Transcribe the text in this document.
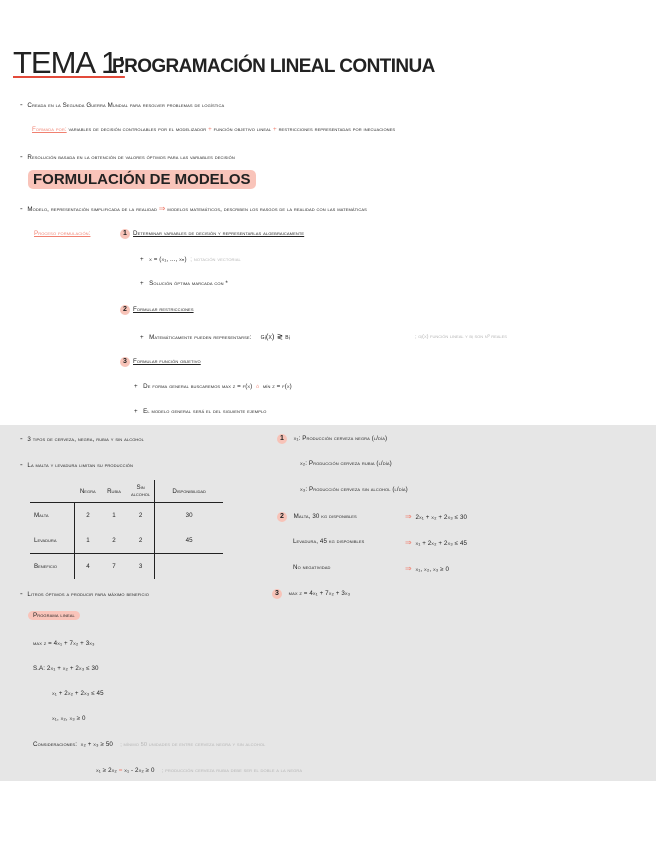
TEMA 1:
PROGRAMACIÓN LINEAL CONTINUA
-  Creada en la Segunda Guerra Mundial para resolver problemas de logística
Formada por: variables de decisión controlables por el modelizador + función objetivo lineal + restricciones representadas por inecuaciones
-  Resolución basada en la obtención de valores óptimos para las variables decisión
FORMULACIÓN DE MODELOS
-  Modelo, representación simplificada de la realidad ⇒ modelos matemáticos, describen los rasgos de la realidad con las matemáticas
Proceso formulación:	1 Determinar variables de decisión y representarlas algebraicamente
+   x = (x₁, ..., xₙ) ; notación vectorial
+   Solución óptima marcada con *
2 Formular restricciones
+   Matemáticamente pueden representarse: gᵢ(x) ≷ bᵢ	; gᵢ(x) función lineal y bᵢ son nº reales
3 Formular función objetivo
+   De forma general buscaremos max z = f(x) ó mín z = f(x)
+   El modelo general será el del siguiente ejemplo
-  3 tipos de cerveza, negra, rubia y sin alcohol
-  La malta y levadura limitan su producción
	Negra	Rubia	Sin alcohol	Disponibilidad
Malta	2	1	2	30
Levadura	1	2	2	45
Beneficio	4	7	3	
-  Litros óptimos a producir para máximo beneficio
Programa lineal
max z = 4x₁ + 7x₂ + 3x₃
S.A: 2x₁ + x₂ + 2x₃ ≤ 30
x₁ + 2x₂ + 2x₃ ≤ 45
x₁, x₂, x₃ ≥ 0
Consideraciones: x₂ + x₃ ≥ 50 ; mínimo 50 unidades de entre cerveza negra y sin alcohol
x₁ ≥ 2x₂ = x₁ - 2x₂ ≥ 0 ; producción cerveza rubia debe ser el doble a la negra
1 x₁: Producción cerveza negra (l/día)
x₂: Producción cerveza rubia (l/día)
x₃: Producción cerveza sin alcohol (l/día)
2 Malta, 30 kg disponibles	⇒ 2x₁ + x₂ + 2x₃ ≤ 30
Levadura, 45 kg disponibles	⇒ x₁ + 2x₂ + 2x₃ ≤ 45
No negatividad	⇒ x₁, x₂, x₃ ≥ 0
3 max z = 4x₁ + 7x₂ + 3x₃
